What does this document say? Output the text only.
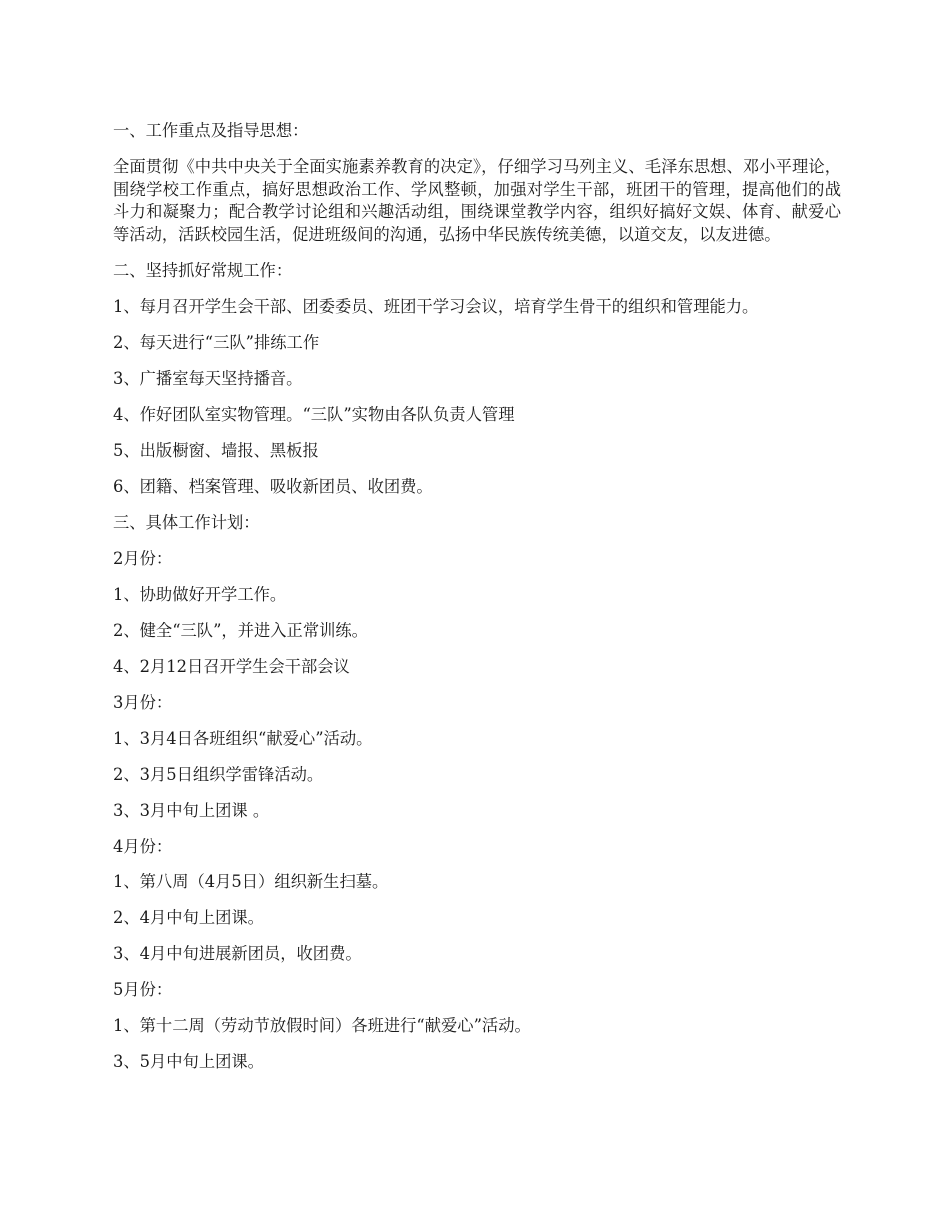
一、工作重点及指导思想：

全面贯彻《中共中央关于全面实施素养教育的决定》，仔细学习马列主义、毛泽东思想、邓小平理论，围绕学校工作重点，搞好思想政治工作、学风整顿，加强对学生干部，班团干的管理，提高他们的战斗力和凝聚力；配合教学讨论组和兴趣活动组，围绕课堂教学内容，组织好搞好文娱、体育、献爱心等活动，活跃校园生活，促进班级间的沟通，弘扬中华民族传统美德，以道交友，以友进德。

二、坚持抓好常规工作：

1、每月召开学生会干部、团委委员、班团干学习会议，培育学生骨干的组织和管理能力。

2、每天进行“三队”排练工作

3、广播室每天坚持播音。

4、作好团队室实物管理。“三队”实物由各队负责人管理

5、出版橱窗、墙报、黑板报

6、团籍、档案管理、吸收新团员、收团费。

三、具体工作计划：

2月份：

1、协助做好开学工作。

2、健全“三队”，并进入正常训练。

4、2月12日召开学生会干部会议

3月份：

1、3月4日各班组织“献爱心”活动。

2、3月5日组织学雷锋活动。

3、3月中旬上团课 。

4月份：

1、第八周（4月5日）组织新生扫墓。

2、4月中旬上团课。

3、4月中旬进展新团员，收团费。

5月份：

1、第十二周（劳动节放假时间）各班进行“献爱心”活动。

3、5月中旬上团课。
